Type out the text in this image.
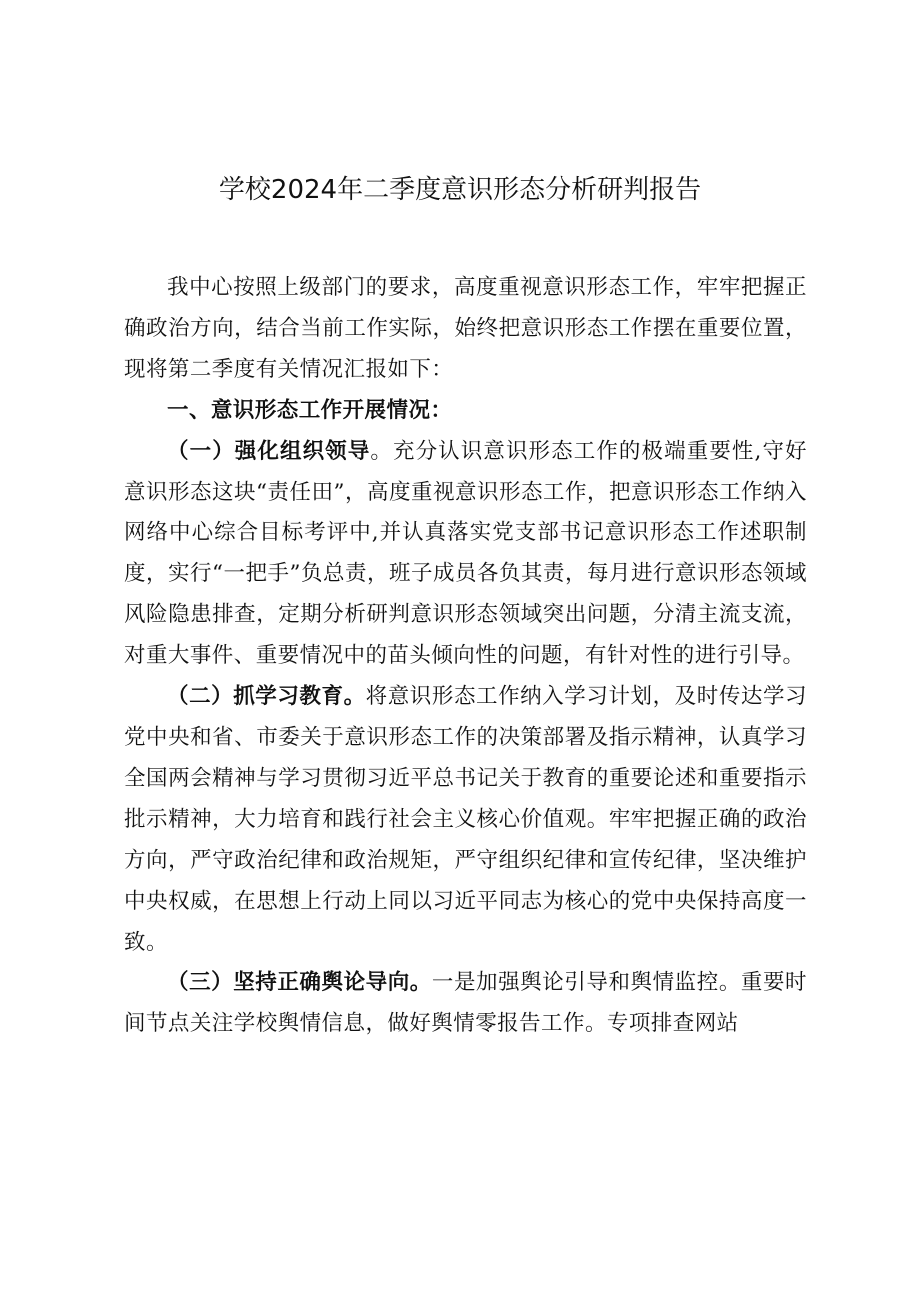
学校2024年二季度意识形态分析研判报告

我中心按照上级部门的要求，高度重视意识形态工作，牢牢把握正确政治方向，结合当前工作实际，始终把意识形态工作摆在重要位置，现将第二季度有关情况汇报如下：

一、意识形态工作开展情况：

（一）强化组织领导。充分认识意识形态工作的极端重要性,守好意识形态这块“责任田”，高度重视意识形态工作，把意识形态工作纳入网络中心综合目标考评中,并认真落实党支部书记意识形态工作述职制度，实行“一把手”负总责，班子成员各负其责，每月进行意识形态领域风险隐患排查，定期分析研判意识形态领域突出问题，分清主流支流，对重大事件、重要情况中的苗头倾向性的问题，有针对性的进行引导。

（二）抓学习教育。将意识形态工作纳入学习计划，及时传达学习党中央和省、市委关于意识形态工作的决策部署及指示精神，认真学习全国两会精神与学习贯彻习近平总书记关于教育的重要论述和重要指示批示精神，大力培育和践行社会主义核心价值观。牢牢把握正确的政治方向，严守政治纪律和政治规矩，严守组织纪律和宣传纪律，坚决维护中央权威，在思想上行动上同以习近平同志为核心的党中央保持高度一致。

（三）坚持正确舆论导向。一是加强舆论引导和舆情监控。重要时间节点关注学校舆情信息，做好舆情零报告工作。专项排查网站
